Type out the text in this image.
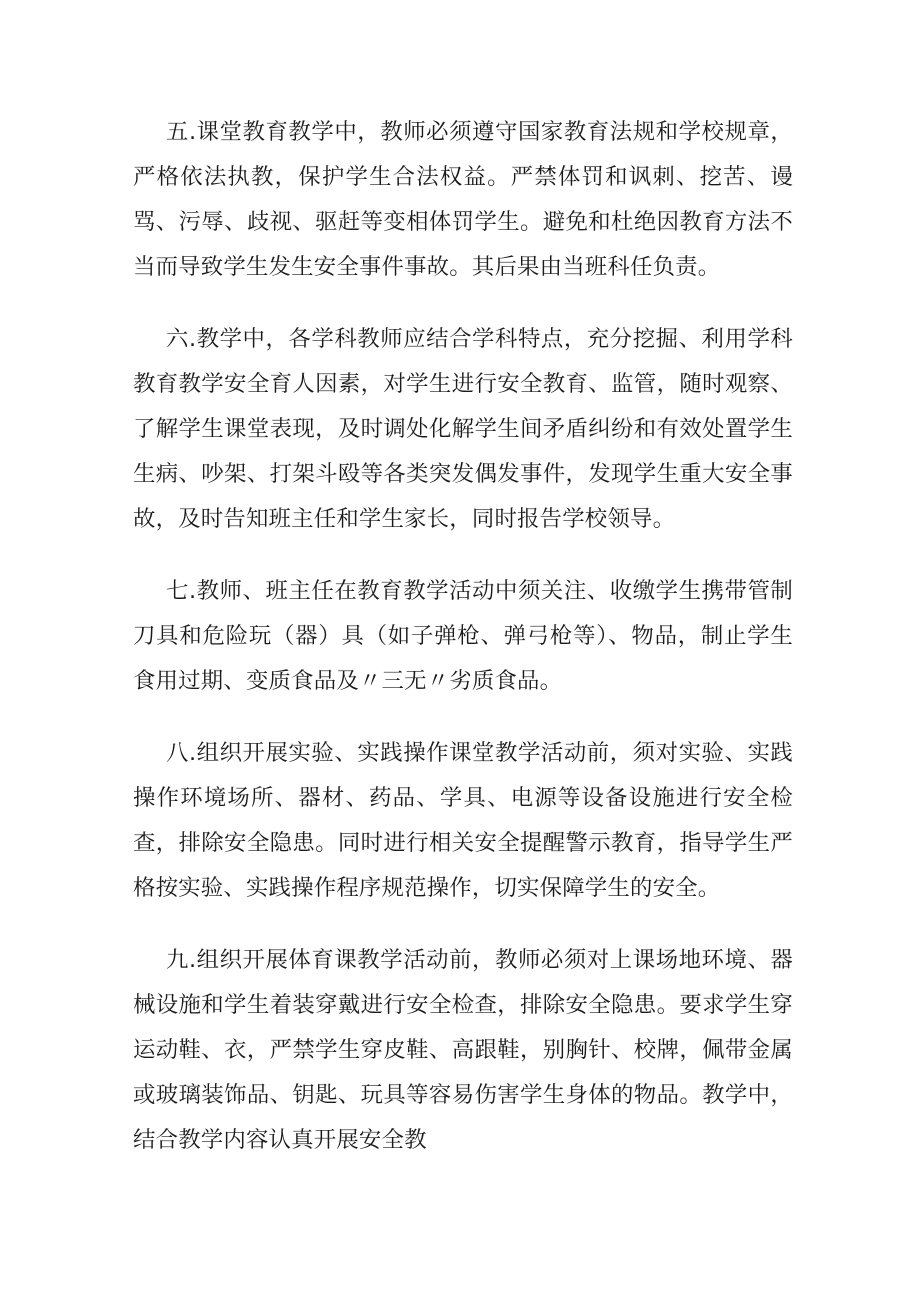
五.课堂教育教学中，教师必须遵守国家教育法规和学校规章，严格依法执教，保护学生合法权益。严禁体罚和讽刺、挖苦、谩骂、污辱、歧视、驱赶等变相体罚学生。避免和杜绝因教育方法不当而导致学生发生安全事件事故。其后果由当班科任负责。

六.教学中，各学科教师应结合学科特点，充分挖掘、利用学科教育教学安全育人因素，对学生进行安全教育、监管，随时观察、了解学生课堂表现，及时调处化解学生间矛盾纠纷和有效处置学生生病、吵架、打架斗殴等各类突发偶发事件，发现学生重大安全事故，及时告知班主任和学生家长，同时报告学校领导。

七.教师、班主任在教育教学活动中须关注、收缴学生携带管制刀具和危险玩（器）具（如子弹枪、弹弓枪等）、物品，制止学生食用过期、变质食品及〃三无〃劣质食品。

八.组织开展实验、实践操作课堂教学活动前，须对实验、实践操作环境场所、器材、药品、学具、电源等设备设施进行安全检查，排除安全隐患。同时进行相关安全提醒警示教育，指导学生严格按实验、实践操作程序规范操作，切实保障学生的安全。

九.组织开展体育课教学活动前，教师必须对上课场地环境、器械设施和学生着装穿戴进行安全检查，排除安全隐患。要求学生穿运动鞋、衣，严禁学生穿皮鞋、高跟鞋，别胸针、校牌，佩带金属或玻璃装饰品、钥匙、玩具等容易伤害学生身体的物品。教学中，结合教学内容认真开展安全教
